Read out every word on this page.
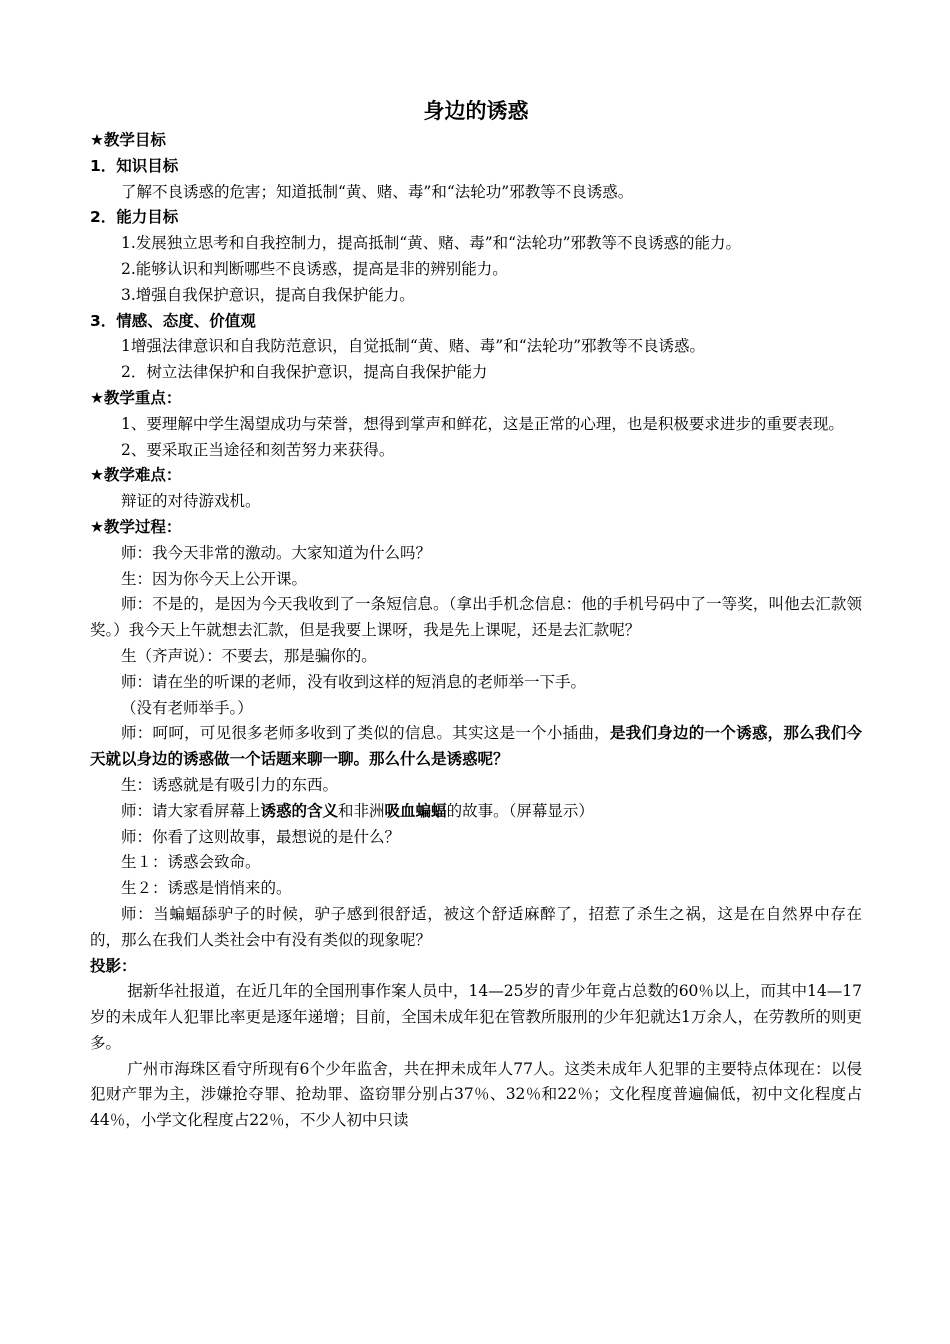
身边的诱惑
★教学目标
1．知识目标
了解不良诱惑的危害；知道抵制“黄、赌、毒”和“法轮功”邪教等不良诱惑。
2．能力目标
1.发展独立思考和自我控制力，提高抵制“黄、赌、毒”和“法轮功”邪教等不良诱惑的能力。
2.能够认识和判断哪些不良诱惑，提高是非的辨别能力。
3.增强自我保护意识，提高自我保护能力。
3．情感、态度、价值观
1增强法律意识和自我防范意识，自觉抵制“黄、赌、毒”和“法轮功”邪教等不良诱惑。
2．树立法律保护和自我保护意识，提高自我保护能力
★教学重点：
1、要理解中学生渴望成功与荣誉，想得到掌声和鲜花，这是正常的心理，也是积极要求进步的重要表现。
2、要采取正当途径和刻苦努力来获得。
★教学难点：
辩证的对待游戏机。
★教学过程：
师：我今天非常的激动。大家知道为什么吗？
生：因为你今天上公开课。
师：不是的，是因为今天我收到了一条短信息。（拿出手机念信息：他的手机号码中了一等奖，叫他去汇款领奖。）我今天上午就想去汇款，但是我要上课呀，我是先上课呢，还是去汇款呢？
生（齐声说）：不要去，那是骗你的。
师：请在坐的听课的老师，没有收到这样的短消息的老师举一下手。
（没有老师举手。）
师：呵呵，可见很多老师多收到了类似的信息。其实这是一个小插曲，是我们身边的一个诱惑，那么我们今天就以身边的诱惑做一个话题来聊一聊。那么什么是诱惑呢？
生：诱惑就是有吸引力的东西。
师：请大家看屏幕上诱惑的含义和非洲吸血蝙蝠的故事。（屏幕显示）
师：你看了这则故事，最想说的是什么？
生１：诱惑会致命。
生２：诱惑是悄悄来的。
师：当蝙蝠舔驴子的时候，驴子感到很舒适，被这个舒适麻醉了，招惹了杀生之祸，这是在自然界中存在的，那么在我们人类社会中有没有类似的现象呢？
投影：
据新华社报道，在近几年的全国刑事作案人员中，14—25岁的青少年竟占总数的60％以上，而其中14—17岁的未成年人犯罪比率更是逐年递增；目前，全国未成年犯在管教所服刑的少年犯就达1万余人，在劳教所的则更多。
广州市海珠区看守所现有6个少年监舍，共在押未成年人77人。这类未成年人犯罪的主要特点体现在：以侵犯财产罪为主，涉嫌抢夺罪、抢劫罪、盗窃罪分别占37％、32％和22％；文化程度普遍偏低，初中文化程度占44％，小学文化程度占22％，不少人初中只读
